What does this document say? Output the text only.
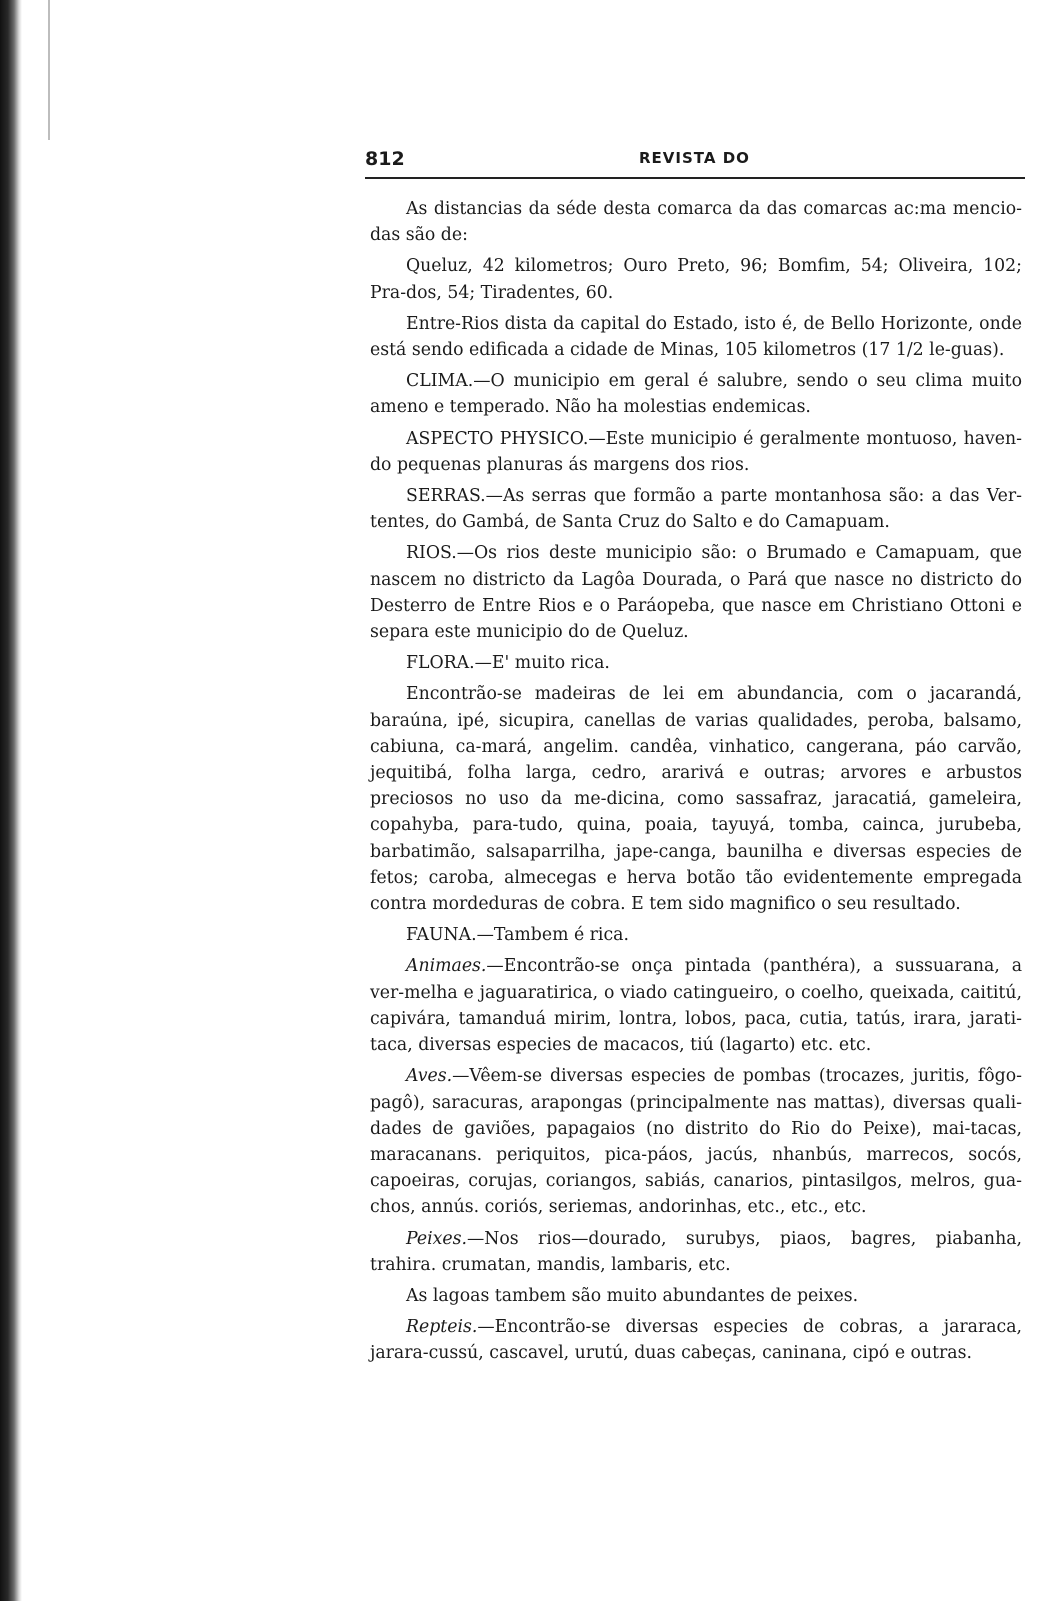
812	REVISTA DO

As distancias da séde desta comarca da das comarcas ac:ma mencio-das são de:

Queluz, 42 kilometros; Ouro Preto, 96; Bomfim, 54; Oliveira, 102; Pra-dos, 54; Tiradentes, 60.

Entre-Rios dista da capital do Estado, isto é, de Bello Horizonte, onde está sendo edificada a cidade de Minas, 105 kilometros (17 1/2 le-guas).

CLIMA.—O municipio em geral é salubre, sendo o seu clima muito ameno e temperado. Não ha molestias endemicas.

ASPECTO PHYSICO.—Este municipio é geralmente montuoso, haven-do pequenas planuras ás margens dos rios.

SERRAS.—As serras que formão a parte montanhosa são: a das Ver-tentes, do Gambá, de Santa Cruz do Salto e do Camapuam.

RIOS.—Os rios deste municipio são: o Brumado e Camapuam, que nascem no districto da Lagôa Dourada, o Pará que nasce no districto do Desterro de Entre Rios e o Paráopeba, que nasce em Christiano Ottoni e separa este municipio do de Queluz.

FLORA.—E' muito rica.

Encontrão-se madeiras de lei em abundancia, com o jacarandá, baraúna, ipé, sicupira, canellas de varias qualidades, peroba, balsamo, cabiuna, ca-mará, angelim. candêa, vinhatico, cangerana, páo carvão, jequitibá, folha larga, cedro, ararivá e outras; arvores e arbustos preciosos no uso da me-dicina, como sassafraz, jaracatiá, gameleira, copahyba, para-tudo, quina, poaia, tayuyá, tomba, cainca, jurubeba, barbatimão, salsaparrilha, jape-canga, baunilha e diversas especies de fetos; caroba, almecegas e herva botão tão evidentemente empregada contra mordeduras de cobra. E tem sido magnifico o seu resultado.

FAUNA.—Tambem é rica.

Animaes.—Encontrão-se onça pintada (panthéra), a sussuarana, a ver-melha e jaguaratirica, o viado catingueiro, o coelho, queixada, caititú, capivára, tamanduá mirim, lontra, lobos, paca, cutia, tatús, irara, jarati-taca, diversas especies de macacos, tiú (lagarto) etc. etc.

Aves.—Vêem-se diversas especies de pombas (trocazes, juritis, fôgo-pagô), saracuras, arapongas (principalmente nas mattas), diversas quali-dades de gaviões, papagaios (no distrito do Rio do Peixe), mai-tacas, maracanans. periquitos, pica-páos, jacús, nhanbús, marrecos, socós, capoeiras, corujas, coriangos, sabiás, canarios, pintasilgos, melros, gua-chos, annús. coriós, seriemas, andorinhas, etc., etc., etc.

Peixes.—Nos rios—dourado, surubys, piaos, bagres, piabanha, trahira. crumatan, mandis, lambaris, etc.

As lagoas tambem são muito abundantes de peixes.

Repteis.—Encontrão-se diversas especies de cobras, a jararaca, jarara-cussú, cascavel, urutú, duas cabeças, caninana, cipó e outras.
